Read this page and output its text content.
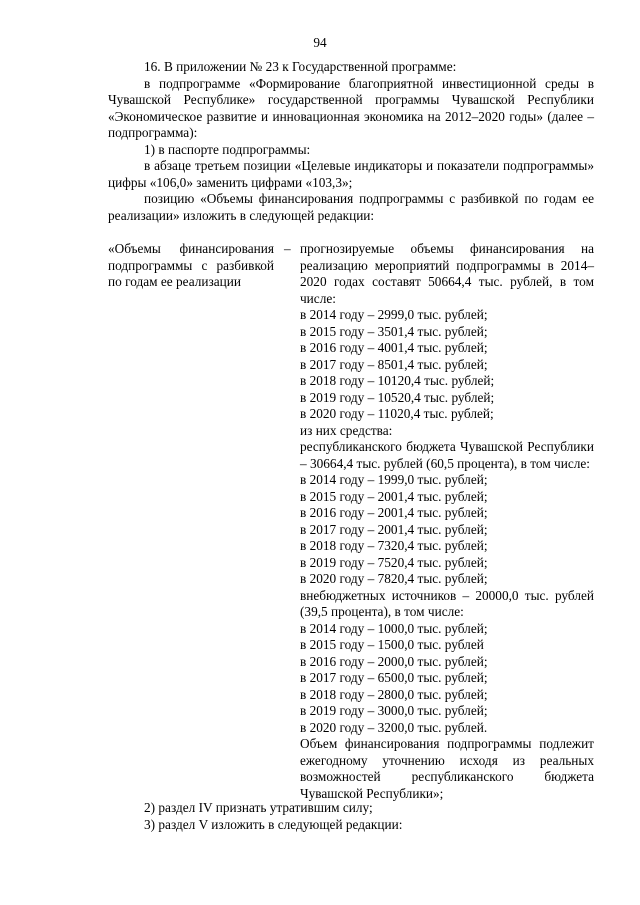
94

16. В приложении № 23 к Государственной программе:

в подпрограмме «Формирование благоприятной инвестиционной среды в Чувашской Республике» государственной программы Чувашской Республики «Экономическое развитие и инновационная экономика на 2012–2020 годы» (далее – подпрограмма):

1) в паспорте подпрограммы:

в абзаце третьем позиции «Целевые индикаторы и показатели подпрограммы» цифры «106,0» заменить цифрами «103,3»;

позицию «Объемы финансирования подпрограммы с разбивкой по годам ее реализации» изложить в следующей редакции:

«Объемы финансирования подпрограммы с разбивкой по годам ее реализации
– прогнозируемые объемы финансирования на реализацию мероприятий подпрограммы в 2014–2020 годах составят 50664,4 тыс. рублей, в том числе:

в 2014 году – 2999,0 тыс. рублей;
в 2015 году – 3501,4 тыс. рублей;
в 2016 году – 4001,4 тыс. рублей;
в 2017 году – 8501,4 тыс. рублей;
в 2018 году – 10120,4 тыс. рублей;
в 2019 году – 10520,4 тыс. рублей;
в 2020 году – 11020,4 тыс. рублей;
из них средства:

республиканского бюджета Чувашской Республики – 30664,4 тыс. рублей (60,5 процента), в том числе:

в 2014 году – 1999,0 тыс. рублей;
в 2015 году – 2001,4 тыс. рублей;
в 2016 году – 2001,4 тыс. рублей;
в 2017 году – 2001,4 тыс. рублей;
в 2018 году – 7320,4 тыс. рублей;
в 2019 году – 7520,4 тыс. рублей;
в 2020 году – 7820,4 тыс. рублей;

внебюджетных источников – 20000,0 тыс. рублей (39,5 процента), в том числе:

в 2014 году – 1000,0 тыс. рублей;
в 2015 году – 1500,0 тыс. рублей
в 2016 году – 2000,0 тыс. рублей;
в 2017 году – 6500,0 тыс. рублей;
в 2018 году – 2800,0 тыс. рублей;
в 2019 году – 3000,0 тыс. рублей;
в 2020 году – 3200,0 тыс. рублей.

Объем финансирования подпрограммы подлежит ежегодному уточнению исходя из реальных возможностей республиканского бюджета Чувашской Республики»;

2) раздел IV признать утратившим силу;

3) раздел V изложить в следующей редакции:
